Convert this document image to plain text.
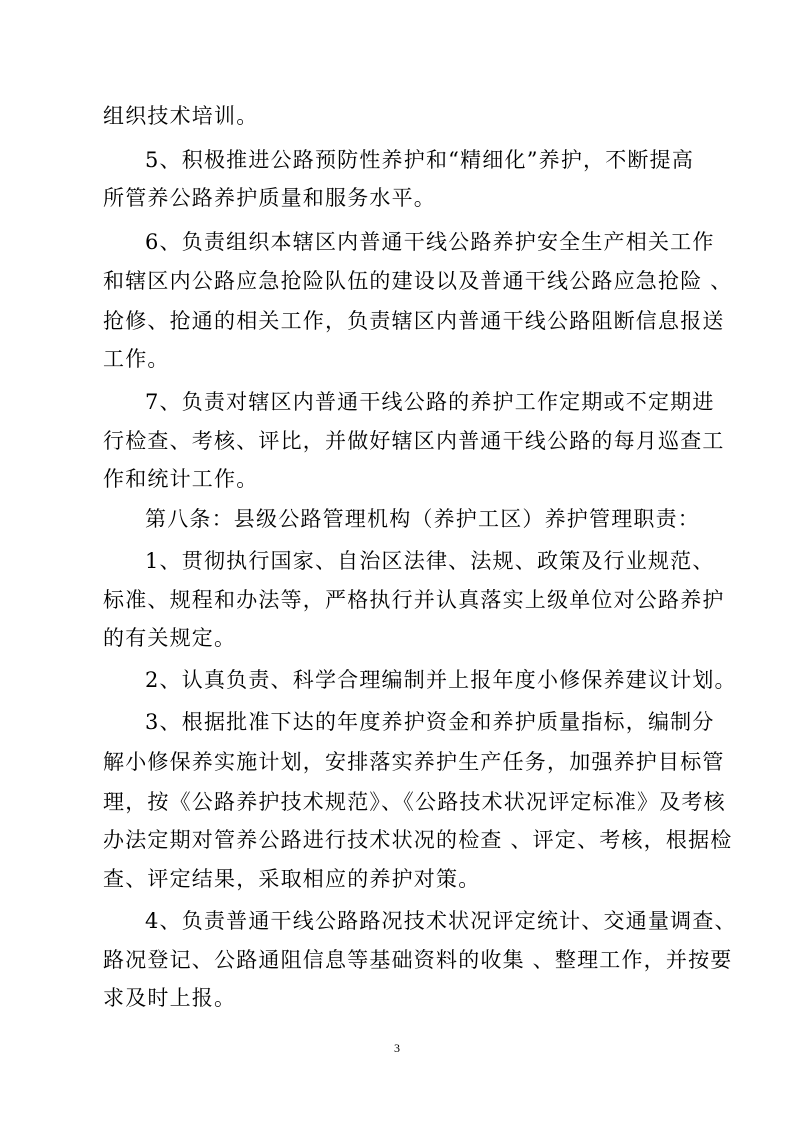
组织技术培训。
5、积极推进公路预防性养护和“精细化”养护，不断提高
所管养公路养护质量和服务水平。
6、负责组织本辖区内普通干线公路养护安全生产相关工作
和辖区内公路应急抢险队伍的建设以及普通干线公路应急抢险 、
抢修、抢通的相关工作，负责辖区内普通干线公路阻断信息报送
工作。
7、负责对辖区内普通干线公路的养护工作定期或不定期进
行检查、考核、评比，并做好辖区内普通干线公路的每月巡查工
作和统计工作。
第八条：县级公路管理机构（养护工区）养护管理职责：
1、贯彻执行国家、自治区法律、法规、政策及行业规范、
标准、规程和办法等，严格执行并认真落实上级单位对公路养护
的有关规定。
2、认真负责、科学合理编制并上报年度小修保养建议计划。
3、根据批准下达的年度养护资金和养护质量指标，编制分
解小修保养实施计划，安排落实养护生产任务，加强养护目标管
理，按《公路养护技术规范》、《公路技术状况评定标准》及考核
办法定期对管养公路进行技术状况的检查 、评定、考核，根据检
查、评定结果，采取相应的养护对策。
4、负责普通干线公路路况技术状况评定统计、交通量调查、
路况登记、公路通阻信息等基础资料的收集 、整理工作，并按要
求及时上报。
3
